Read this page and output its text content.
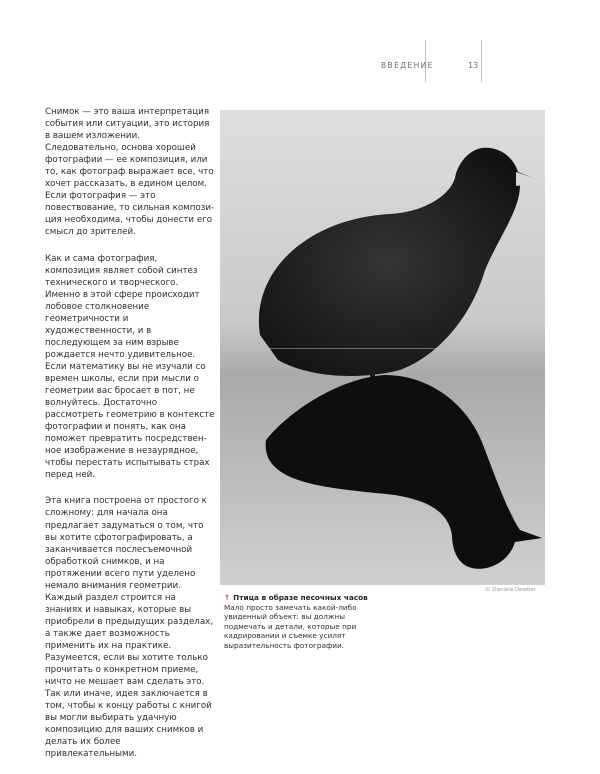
ВВЕДЕНИЕ	13

Снимок — это ваша интерпретация события или ситуации, это история в вашем изложении. Следовательно, основа хорошей фотографии — ее композиция, или то, как фотограф выражает все, что хочет рассказать, в едином целом. Если фотография — это повествование, то сильная композиция необходима, чтобы донести его смысл до зрителей.

Как и сама фотография, композиция являет собой синтез технического и творческого. Именно в этой сфере происходит лобовое столкновение геометричности и художественности, и в последующем за ним взрыве рождается нечто удивительное. Если математику вы не изучали со времен школы, если при мысли о геометрии вас бросает в пот, не волнуйтесь. Достаточно рассмотреть геометрию в контексте фотографии и понять, как она поможет превратить посредственное изображение в незаурядное, чтобы перестать испытывать страх перед ней.

Эта книга построена от простого к сложному: для начала она предлагает задуматься о том, что вы хотите сфотографировать, а заканчивается послесъемочной обработкой снимков, и на протяжении всего пути уделено немало внимания геометрии. Каждый раздел строится на знаниях и навыках, которые вы приобрели в предыдущих разделах, а также дает возможность применить их на практике. Разумеется, если вы хотите только прочитать о конкретном приеме, ничто не мешает вам сделать это. Так или иначе, идея заключается в том, чтобы к концу работы с книгой вы могли выбирать удачную композицию для ваших снимков и делать их более привлекательными.

© Daniela Dewber
↑ Птица в образе песочных часов
Мало просто замечать какой-либо увиденный объект: вы должны подмечать и детали, которые при кадрировании и съемке усилят выразительность фотографии.
